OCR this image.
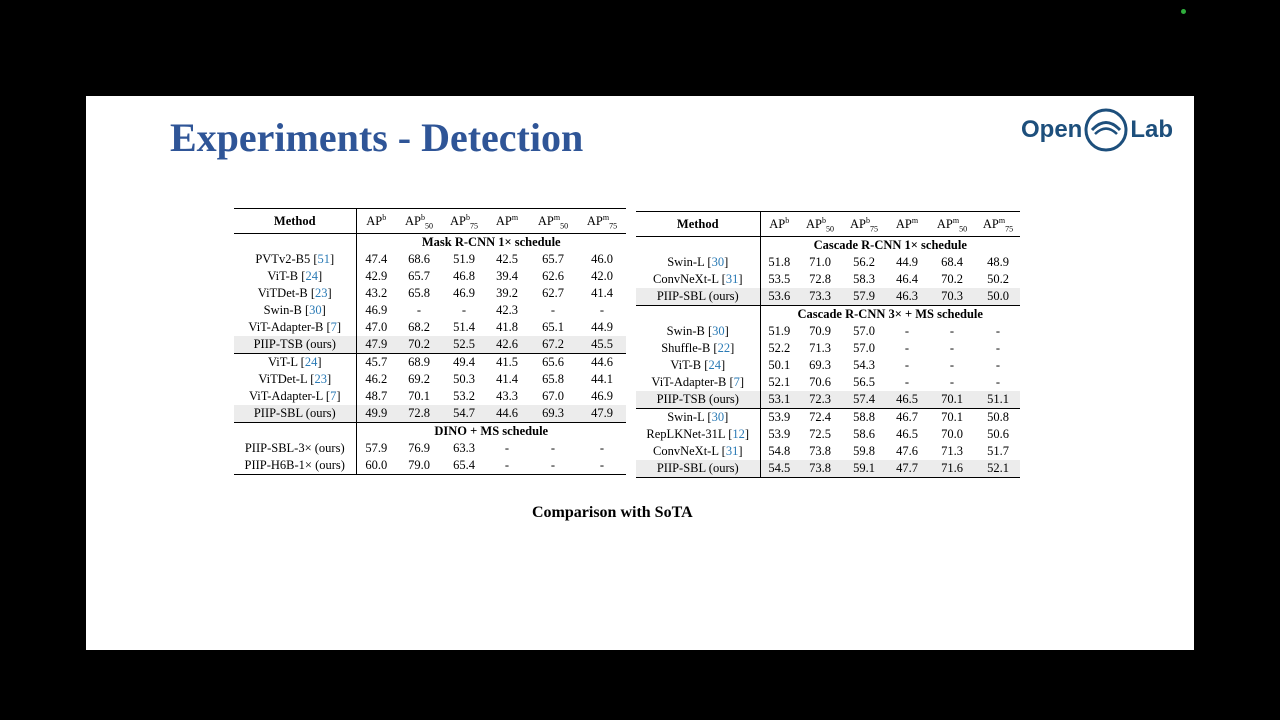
Experiments - Detection	Open Lab
Method	$AP^b$	$AP^b_{50}$	$AP^b_{75}$	$AP^m$	$AP^m_{50}$	$AP^m_{75}$
	Mask R-CNN 1× schedule					
PVTv2-B5 [51]	47.4	68.6	51.9	42.5	65.7	46.0
ViT-B [24]	42.9	65.7	46.8	39.4	62.6	42.0
ViTDet-B [23]	43.2	65.8	46.9	39.2	62.7	41.4
Swin-B [30]	46.9	-	-	42.3	-	-
ViT-Adapter-B [7]	47.0	68.2	51.4	41.8	65.1	44.9
PIIP-TSB (ours)	47.9	70.2	52.5	42.6	67.2	45.5
ViT-L [24]	45.7	68.9	49.4	41.5	65.6	44.6
ViTDet-L [23]	46.2	69.2	50.3	41.4	65.8	44.1
ViT-Adapter-L [7]	48.7	70.1	53.2	43.3	67.0	46.9
PIIP-SBL (ours)	49.9	72.8	54.7	44.6	69.3	47.9
	DINO + MS schedule					
PIIP-SBL-3× (ours)	57.9	76.9	63.3	-	-	-
PIIP-H6B-1× (ours)	60.0	79.0	65.4	-	-	-
Method	$AP^b$	$AP^b_{50}$	$AP^b_{75}$	$AP^m$	$AP^m_{50}$	$AP^m_{75}$
	Cascade R-CNN 1× schedule					
Swin-L [30]	51.8	71.0	56.2	44.9	68.4	48.9
ConvNeXt-L [31]	53.5	72.8	58.3	46.4	70.2	50.2
PIIP-SBL (ours)	53.6	73.3	57.9	46.3	70.3	50.0
	Cascade R-CNN 3× + MS schedule					
Swin-B [30]	51.9	70.9	57.0	-	-	-
Shuffle-B [22]	52.2	71.3	57.0	-	-	-
ViT-B [24]	50.1	69.3	54.3	-	-	-
ViT-Adapter-B [7]	52.1	70.6	56.5	-	-	-
PIIP-TSB (ours)	53.1	72.3	57.4	46.5	70.1	51.1
Swin-L [30]	53.9	72.4	58.8	46.7	70.1	50.8
RepLKNet-31L [12]	53.9	72.5	58.6	46.5	70.0	50.6
ConvNeXt-L [31]	54.8	73.8	59.8	47.6	71.3	51.7
PIIP-SBL (ours)	54.5	73.8	59.1	47.7	71.6	52.1
Comparison with SoTA
